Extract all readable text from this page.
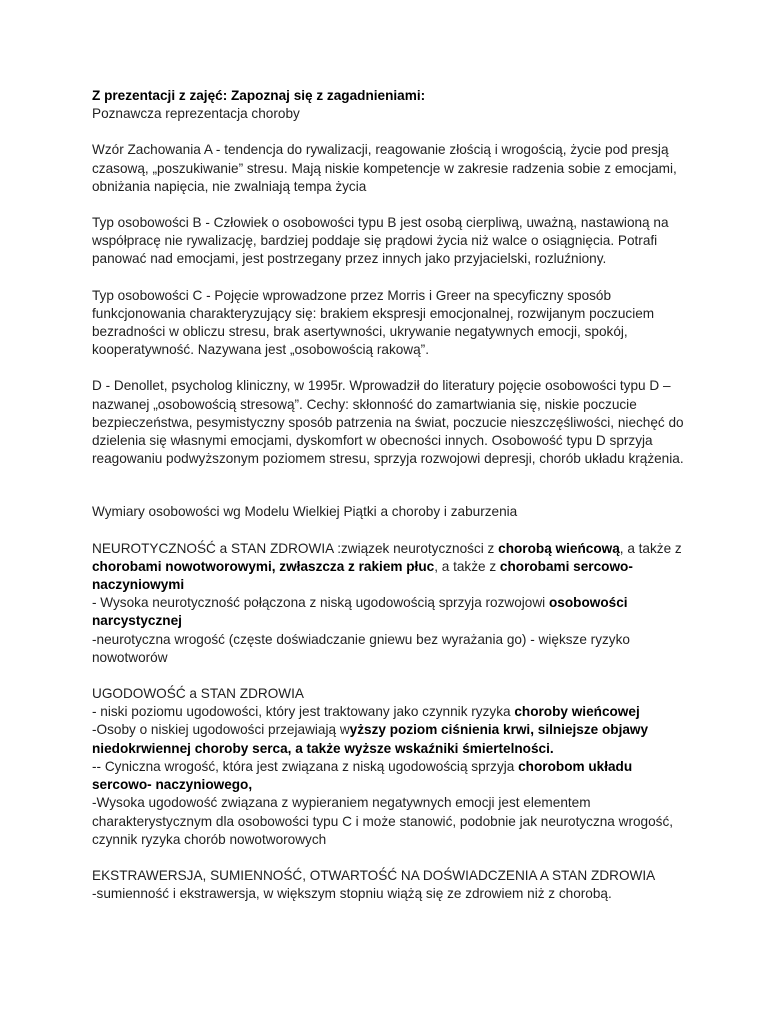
Z prezentacji z zajęć: Zapoznaj się z zagadnieniami:
Poznawcza reprezentacja choroby

Wzór Zachowania A - tendencja do rywalizacji, reagowanie złością i wrogością, życie pod presją czasową, „poszukiwanie” stresu. Mają niskie kompetencje w zakresie radzenia sobie z emocjami, obniżania napięcia, nie zwalniają tempa życia

Typ osobowości B - Człowiek o osobowości typu B jest osobą cierpliwą, uważną, nastawioną na współpracę nie rywalizację, bardziej poddaje się prądowi życia niż walce o osiągnięcia. Potrafi panować nad emocjami, jest postrzegany przez innych jako przyjacielski, rozluźniony.

Typ osobowości C - Pojęcie wprowadzone przez Morris i Greer na specyficzny sposób funkcjonowania charakteryzujący się: brakiem ekspresji emocjonalnej, rozwijanym poczuciem bezradności w obliczu stresu, brak asertywności, ukrywanie negatywnych emocji, spokój, kooperatywność. Nazywana jest „osobowością rakową”.

D - Denollet, psycholog kliniczny, w 1995r. Wprowadził do literatury pojęcie osobowości typu D – nazwanej „osobowością stresową”. Cechy: skłonność do zamartwiania się, niskie poczucie bezpieczeństwa, pesymistyczny sposób patrzenia na świat, poczucie nieszczęśliwości, niechęć do dzielenia się własnymi emocjami, dyskomfort w obecności innych. Osobowość typu D sprzyja reagowaniu podwyższonym poziomem stresu, sprzyja rozwojowi depresji, chorób układu krążenia.

Wymiary osobowości wg Modelu Wielkiej Piątki a choroby i zaburzenia

NEUROTYCZNOŚĆ a STAN ZDROWIA :związek neurotyczności z chorobą wieńcową, a także z chorobami nowotworowymi, zwłaszcza z rakiem płuc, a także z chorobami sercowo-naczyniowymi

- Wysoka neurotyczność połączona z niską ugodowością sprzyja rozwojowi osobowości narcystycznej

-neurotyczna wrogość (częste doświadczanie gniewu bez wyrażania go) - większe ryzyko nowotworów

UGODOWOŚĆ a STAN ZDROWIA

- niski poziomu ugodowości, który jest traktowany jako czynnik ryzyka choroby wieńcowej

-Osoby o niskiej ugodowości przejawiają wyższy poziom ciśnienia krwi, silniejsze objawy niedokrwiennej choroby serca, a także wyższe wskaźniki śmiertelności.

-- Cyniczna wrogość, która jest związana z niską ugodowością sprzyja chorobom układu sercowo- naczyniowego,

-Wysoka ugodowość związana z wypieraniem negatywnych emocji jest elementem charakterystycznym dla osobowości typu C i może stanowić, podobnie jak neurotyczna wrogość, czynnik ryzyka chorób nowotworowych

EKSTRAWERSJA, SUMIENNOŚĆ, OTWARTOŚĆ NA DOŚWIADCZENIA A STAN ZDROWIA

-sumienność i ekstrawersja, w większym stopniu wiążą się ze zdrowiem niż z chorobą.
